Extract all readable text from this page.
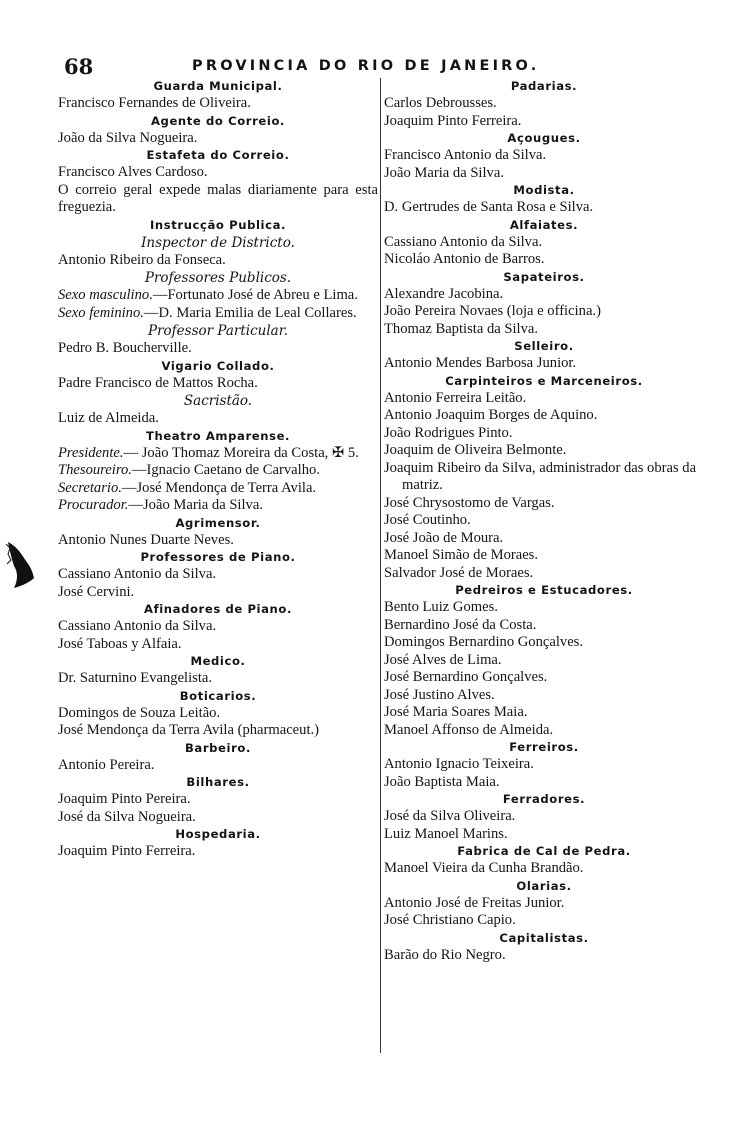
68	PROVINCIA DO RIO DE JANEIRO.

Guarda Municipal.

Francisco Fernandes de Oliveira.

Agente do Correio.

João da Silva Nogueira.

Estafeta do Correio.

Francisco Alves Cardoso.

O correio geral expede malas diariamente para esta freguezia.

Instrucção Publica.

Inspector de Districto.

Antonio Ribeiro da Fonseca.

Professores Publicos.

Sexo masculino.—Fortunato José de Abreu e Lima.

Sexo feminino.—D. Maria Emilia de Leal Collares.

Professor Particular.

Pedro B. Boucherville.

Vigario Collado.

Padre Francisco de Mattos Rocha.

Sacristão.

Luiz de Almeida.

Theatro Amparense.

Presidente.— João Thomaz Moreira da Costa, ✠ 5.

Thesoureiro.—Ignacio Caetano de Carvalho.

Secretario.—José Mendonça de Terra Avila.

Procurador.—João Maria da Silva.

Agrimensor.

Antonio Nunes Duarte Neves.

Professores de Piano.

Cassiano Antonio da Silva.

José Cervini.

Afinadores de Piano.

Cassiano Antonio da Silva.

José Taboas y Alfaia.

Medico.

Dr. Saturnino Evangelista.

Boticarios.

Domingos de Souza Leitão.

José Mendonça da Terra Avila (pharmaceut.)

Barbeiro.

Antonio Pereira.

Bilhares.

Joaquim Pinto Pereira.

José da Silva Nogueira.

Hospedaria.

Joaquim Pinto Ferreira.

Padarias.

Carlos Debrousses.

Joaquim Pinto Ferreira.

Açougues.

Francisco Antonio da Silva.

João Maria da Silva.

Modista.

D. Gertrudes de Santa Rosa e Silva.

Alfaiates.

Cassiano Antonio da Silva.

Nicoláo Antonio de Barros.

Sapateiros.

Alexandre Jacobina.

João Pereira Novaes (loja e officina.)

Thomaz Baptista da Silva.

Selleiro.

Antonio Mendes Barbosa Junior.

Carpinteiros e Marceneiros.

Antonio Ferreira Leitão.

Antonio Joaquim Borges de Aquino.

João Rodrigues Pinto.

Joaquim de Oliveira Belmonte.

Joaquim Ribeiro da Silva, administrador das obras da matriz.

José Chrysostomo de Vargas.

José Coutinho.

José João de Moura.

Manoel Simão de Moraes.

Salvador José de Moraes.

Pedreiros e Estucadores.

Bento Luiz Gomes.

Bernardino José da Costa.

Domingos Bernardino Gonçalves.

José Alves de Lima.

José Bernardino Gonçalves.

José Justino Alves.

José Maria Soares Maia.

Manoel Affonso de Almeida.

Ferreiros.

Antonio Ignacio Teixeira.

João Baptista Maia.

Ferradores.

José da Silva Oliveira.

Luiz Manoel Marins.

Fabrica de Cal de Pedra.

Manoel Vieira da Cunha Brandão.

Olarias.

Antonio José de Freitas Junior.

José Christiano Capio.

Capitalistas.

Barão do Rio Negro.
